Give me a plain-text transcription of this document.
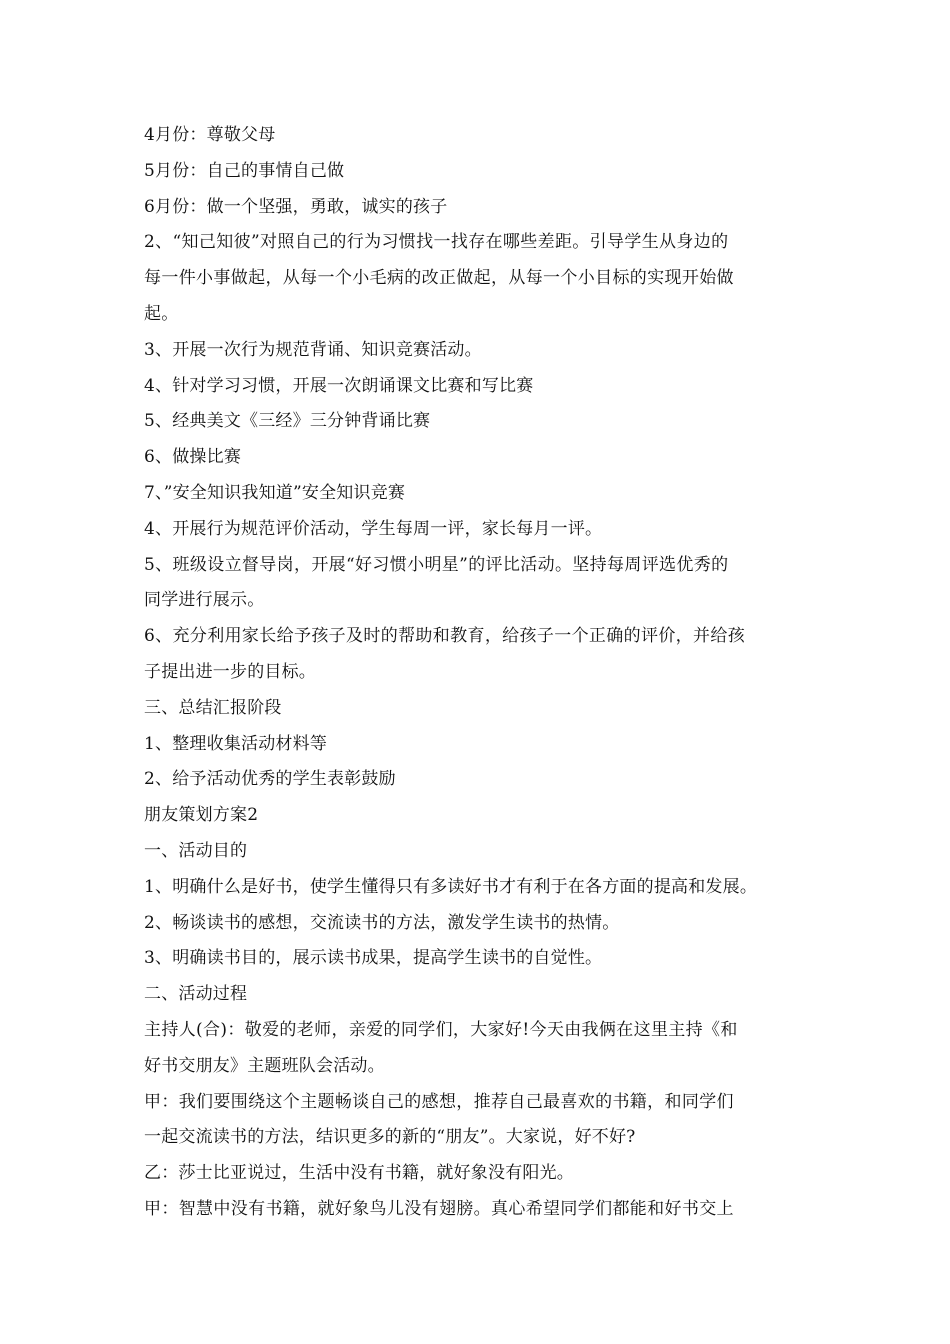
4月份：尊敬父母

5月份：自己的事情自己做

6月份：做一个坚强，勇敢，诚实的孩子

2、“知己知彼”对照自己的行为习惯找一找存在哪些差距。引导学生从身边的

每一件小事做起，从每一个小毛病的改正做起，从每一个小目标的实现开始做

起。

3、开展一次行为规范背诵、知识竞赛活动。

4、针对学习习惯，开展一次朗诵课文比赛和写比赛

5、经典美文《三经》三分钟背诵比赛

6、做操比赛

7、”安全知识我知道”安全知识竞赛

4、开展行为规范评价活动，学生每周一评，家长每月一评。

5、班级设立督导岗，开展“好习惯小明星”的评比活动。坚持每周评选优秀的

同学进行展示。

6、充分利用家长给予孩子及时的帮助和教育，给孩子一个正确的评价，并给孩

子提出进一步的目标。

三、总结汇报阶段

1、整理收集活动材料等

2、给予活动优秀的学生表彰鼓励

朋友策划方案2

一、活动目的

1、明确什么是好书，使学生懂得只有多读好书才有利于在各方面的提高和发展。

2、畅谈读书的感想，交流读书的方法，激发学生读书的热情。

3、明确读书目的，展示读书成果，提高学生读书的自觉性。

二、活动过程

主持人(合)：敬爱的老师，亲爱的同学们，大家好!今天由我俩在这里主持《和

好书交朋友》主题班队会活动。

甲：我们要围绕这个主题畅谈自己的感想，推荐自己最喜欢的书籍，和同学们

一起交流读书的方法，结识更多的新的“朋友”。大家说，好不好?

乙：莎士比亚说过，生活中没有书籍，就好象没有阳光。

甲：智慧中没有书籍，就好象鸟儿没有翅膀。真心希望同学们都能和好书交上
